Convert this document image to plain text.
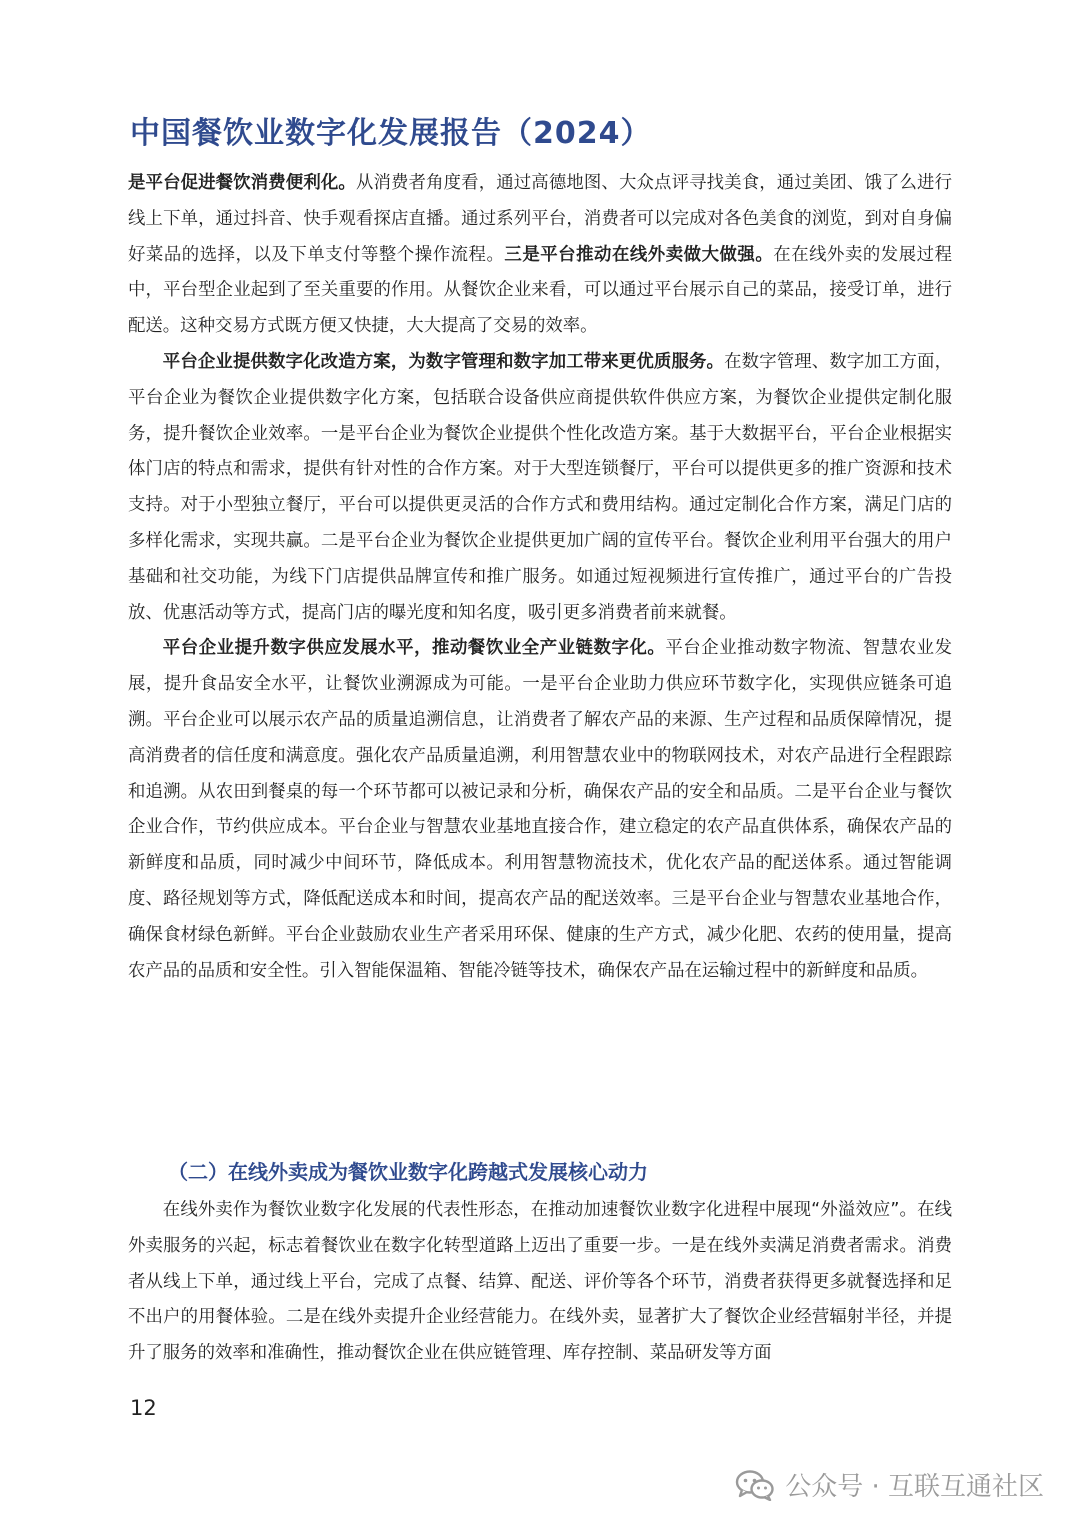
中国餐饮业数字化发展报告（2024）

是平台促进餐饮消费便利化。从消费者角度看，通过高德地图、大众点评寻找美食，通过美团、饿了么进行线上下单，通过抖音、快手观看探店直播。通过系列平台，消费者可以完成对各色美食的浏览，到对自身偏好菜品的选择，以及下单支付等整个操作流程。三是平台推动在线外卖做大做强。在在线外卖的发展过程中，平台型企业起到了至关重要的作用。从餐饮企业来看，可以通过平台展示自己的菜品，接受订单，进行配送。这种交易方式既方便又快捷，大大提高了交易的效率。

平台企业提供数字化改造方案，为数字管理和数字加工带来更优质服务。在数字管理、数字加工方面，平台企业为餐饮企业提供数字化方案，包括联合设备供应商提供软件供应方案，为餐饮企业提供定制化服务，提升餐饮企业效率。一是平台企业为餐饮企业提供个性化改造方案。基于大数据平台，平台企业根据实体门店的特点和需求，提供有针对性的合作方案。对于大型连锁餐厅，平台可以提供更多的推广资源和技术支持。对于小型独立餐厅，平台可以提供更灵活的合作方式和费用结构。通过定制化合作方案，满足门店的多样化需求，实现共赢。二是平台企业为餐饮企业提供更加广阔的宣传平台。餐饮企业利用平台强大的用户基础和社交功能，为线下门店提供品牌宣传和推广服务。如通过短视频进行宣传推广，通过平台的广告投放、优惠活动等方式，提高门店的曝光度和知名度，吸引更多消费者前来就餐。

平台企业提升数字供应发展水平，推动餐饮业全产业链数字化。平台企业推动数字物流、智慧农业发展，提升食品安全水平，让餐饮业溯源成为可能。一是平台企业助力供应环节数字化，实现供应链条可追溯。平台企业可以展示农产品的质量追溯信息，让消费者了解农产品的来源、生产过程和品质保障情况，提高消费者的信任度和满意度。强化农产品质量追溯，利用智慧农业中的物联网技术，对农产品进行全程跟踪和追溯。从农田到餐桌的每一个环节都可以被记录和分析，确保农产品的安全和品质。二是平台企业与餐饮企业合作，节约供应成本。平台企业与智慧农业基地直接合作，建立稳定的农产品直供体系，确保农产品的新鲜度和品质，同时减少中间环节，降低成本。利用智慧物流技术，优化农产品的配送体系。通过智能调度、路径规划等方式，降低配送成本和时间，提高农产品的配送效率。三是平台企业与智慧农业基地合作，确保食材绿色新鲜。平台企业鼓励农业生产者采用环保、健康的生产方式，减少化肥、农药的使用量，提高农产品的品质和安全性。引入智能保温箱、智能冷链等技术，确保农产品在运输过程中的新鲜度和品质。

（二）在线外卖成为餐饮业数字化跨越式发展核心动力

在线外卖作为餐饮业数字化发展的代表性形态，在推动加速餐饮业数字化进程中展现“外溢效应”。在线外卖服务的兴起，标志着餐饮业在数字化转型道路上迈出了重要一步。一是在线外卖满足消费者需求。消费者从线上下单，通过线上平台，完成了点餐、结算、配送、评价等各个环节，消费者获得更多就餐选择和足不出户的用餐体验。二是在线外卖提升企业经营能力。在线外卖，显著扩大了餐饮企业经营辐射半径，并提升了服务的效率和准确性，推动餐饮企业在供应链管理、库存控制、菜品研发等方面

12
公众号 · 互联互通社区
